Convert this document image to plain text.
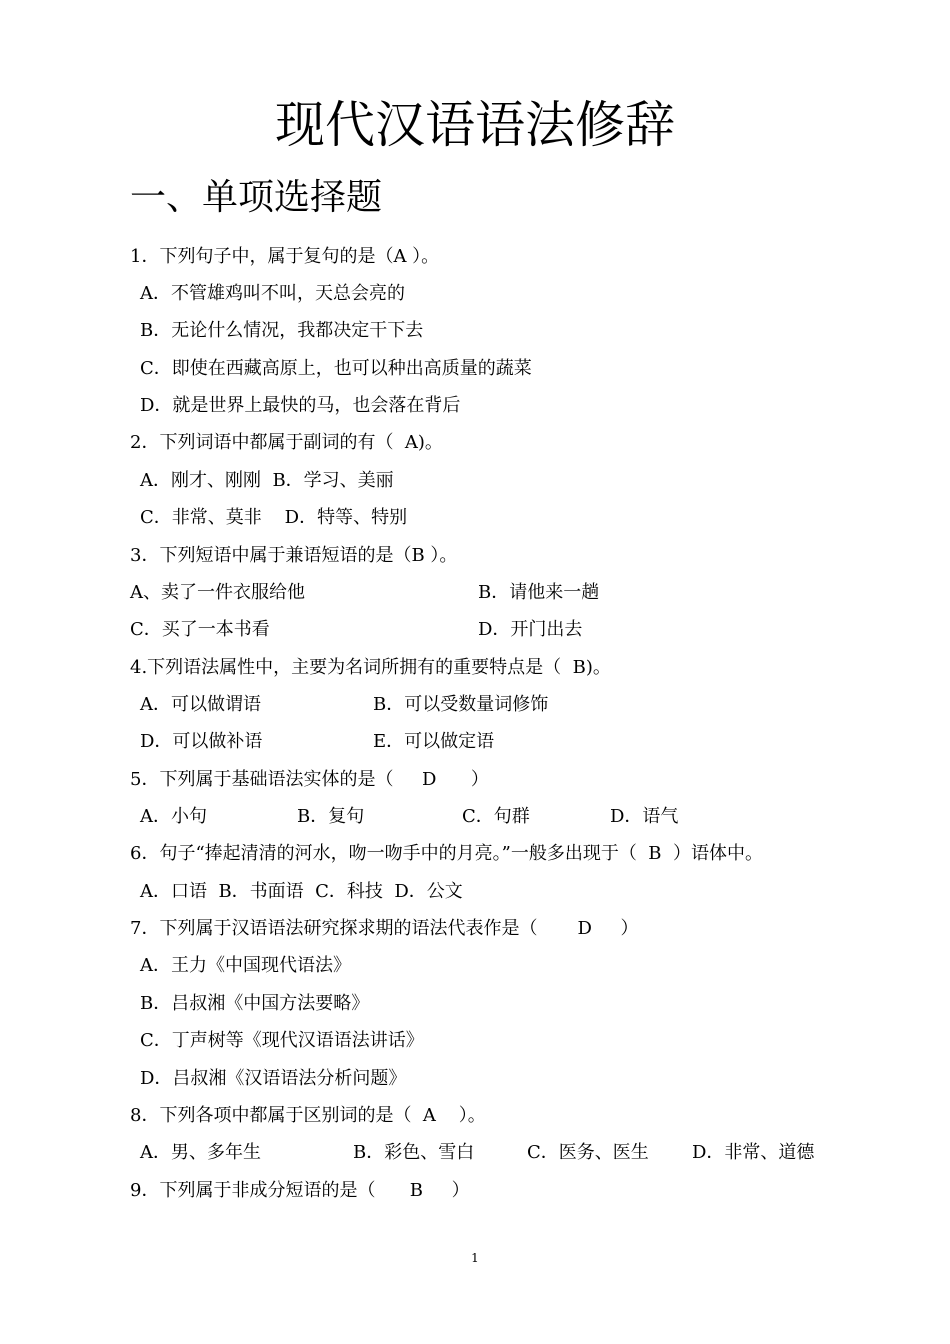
现代汉语语法修辞
一、单项选择题

1．下列句子中，属于复句的是（A ）。

A．不管雄鸡叫不叫，天总会亮的

B．无论什么情况，我都决定干下去

C．即使在西藏高原上，也可以种出高质量的蔬菜

D．就是世界上最快的马，也会落在背后

2．下列词语中都属于副词的有（  A)。

A．刚才、刚刚  B．学习、美丽

C．非常、莫非    D．特等、特别

3．下列短语中属于兼语短语的是（B ）。

A、卖了一件衣服给他	B．请他来一趟

C．买了一本书看	D．开门出去

4.下列语法属性中，主要为名词所拥有的重要特点是（  B)。

A．可以做谓语	B．可以受数量词修饰

D．可以做补语	E．可以做定语

5．下列属于基础语法实体的是（     D      ）

A．小句	B．复句	C．句群	D．语气

6．句子“捧起清清的河水，吻一吻手中的月亮。”一般多出现于（  B  ）语体中。

A．口语  B．书面语  C．科技  D．公文

7．下列属于汉语语法研究探求期的语法代表作是（       D     ）

A．王力《中国现代语法》

B．吕叔湘《中国方法要略》

C．丁声树等《现代汉语语法讲话》

D．吕叔湘《汉语语法分析问题》

8．下列各项中都属于区别词的是（  A    ）。

A．男、多年生	B．彩色、雪白	C．医务、医生 D．非常、道德

9．下列属于非成分短语的是（      B     ）

1
